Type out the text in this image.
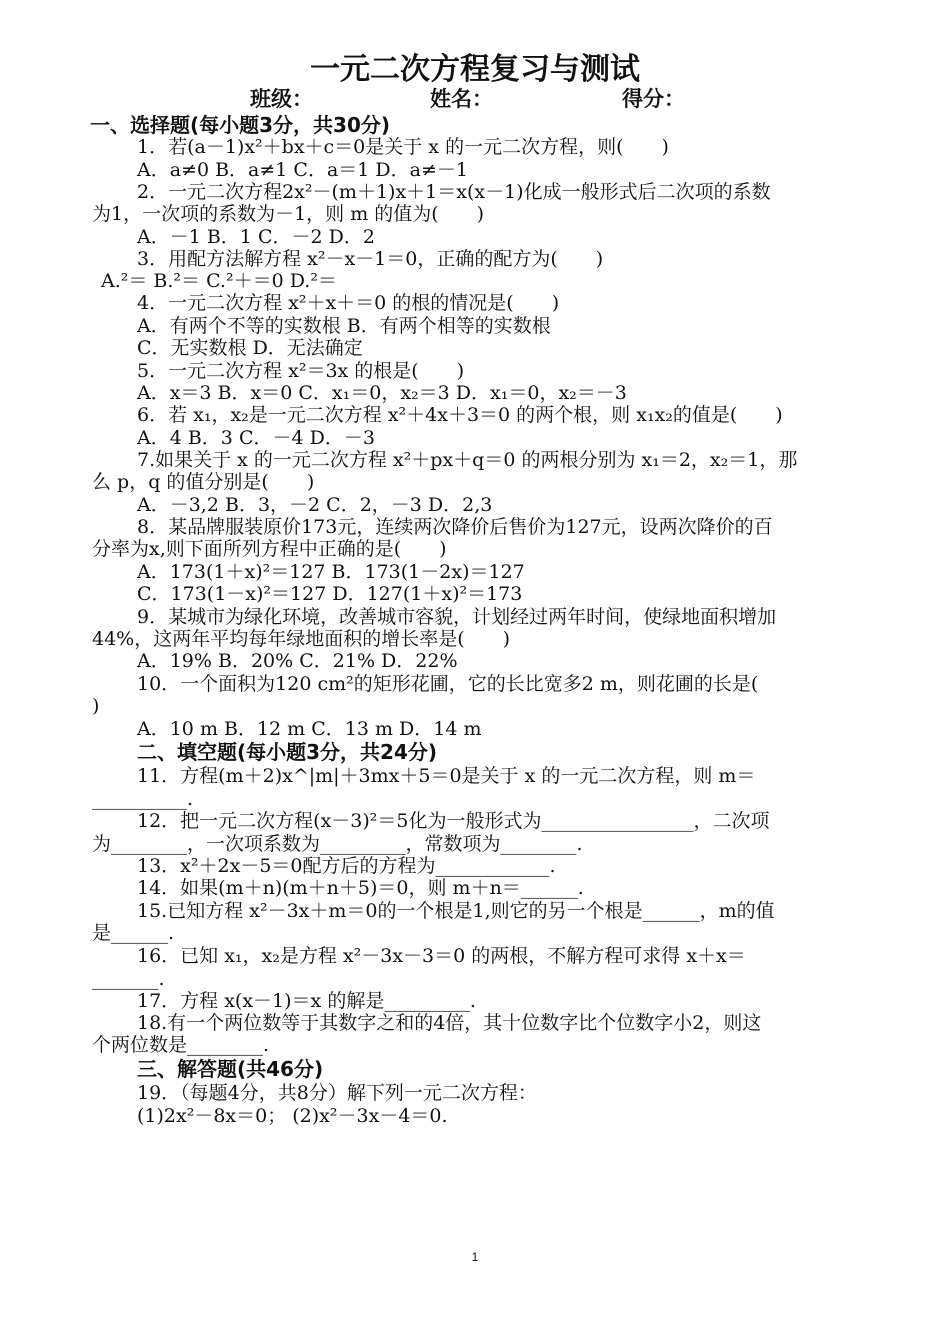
一元二次方程复习与测试
班级：	姓名：	得分：
一、选择题(每小题3分，共30分)
二、填空题(每小题3分，共24分)
三、解答题(共46分)
1．若(a－1)x²＋bx＋c＝0是关于 x 的一元二次方程，则(　　)
A．a≠0 B．a≠1 C．a＝1 D．a≠－1
2．一元二次方程2x²－(m＋1)x＋1＝x(x－1)化成一般形式后二次项的系数
为1，一次项的系数为－1，则 m 的值为(　　)
A．－1 B．1 C．－2 D．2
3．用配方法解方程 x²－x－1＝0，正确的配方为(　　)
A.²＝ B.²＝ C.²＋＝0 D.²＝
4．一元二次方程 x²＋x＋＝0 的根的情况是(　　)
A．有两个不等的实数根 B．有两个相等的实数根
C．无实数根 D．无法确定
5．一元二次方程 x²＝3x 的根是(　　)
A．x＝3 B．x＝0 C．x₁＝0，x₂＝3 D．x₁＝0，x₂＝－3
6．若 x₁，x₂是一元二次方程 x²＋4x＋3＝0 的两个根，则 x₁x₂的值是(　　)
A．4 B．3 C．－4 D．－3
7.如果关于 x 的一元二次方程 x²＋px＋q＝0 的两根分别为 x₁＝2，x₂＝1，那
么 p，q 的值分别是(　　)
A．－3,2 B．3，－2 C．2，－3 D．2,3
8．某品牌服装原价173元，连续两次降价后售价为127元，设两次降价的百
分率为x,则下面所列方程中正确的是(　　)
A．173(1＋x)²＝127 B．173(1－2x)＝127
C．173(1－x)²＝127 D．127(1＋x)²＝173
9．某城市为绿化环境，改善城市容貌，计划经过两年时间，使绿地面积增加
44%，这两年平均每年绿地面积的增长率是(　　)
A．19% B．20% C．21% D．22%
10．一个面积为120 cm²的矩形花圃，它的长比宽多2 m，则花圃的长是(
)
A．10 m B．12 m C．13 m D．14 m
11．方程(m＋2)x^|m|＋3mx＋5＝0是关于 x 的一元二次方程，则 m＝
__________.
12．把一元二次方程(x－3)²＝5化为一般形式为________________，二次项
为________，一次项系数为_________，常数项为________.
13．x²＋2x－5＝0配方后的方程为____________.
14．如果(m＋n)(m＋n＋5)＝0，则 m＋n＝______.
15.已知方程 x²－3x＋m＝0的一个根是1,则它的另一个根是______，m的值
是______.
16．已知 x₁，x₂是方程 x²－3x－3＝0 的两根，不解方程可求得 x＋x＝
_______.
17．方程 x(x－1)＝x 的解是_________.
18.有一个两位数等于其数字之和的4倍，其十位数字比个位数字小2，则这
个两位数是________.
19．（每题4分，共8分）解下列一元二次方程：
(1)2x²－8x＝0； (2)x²－3x－4＝0.
1
